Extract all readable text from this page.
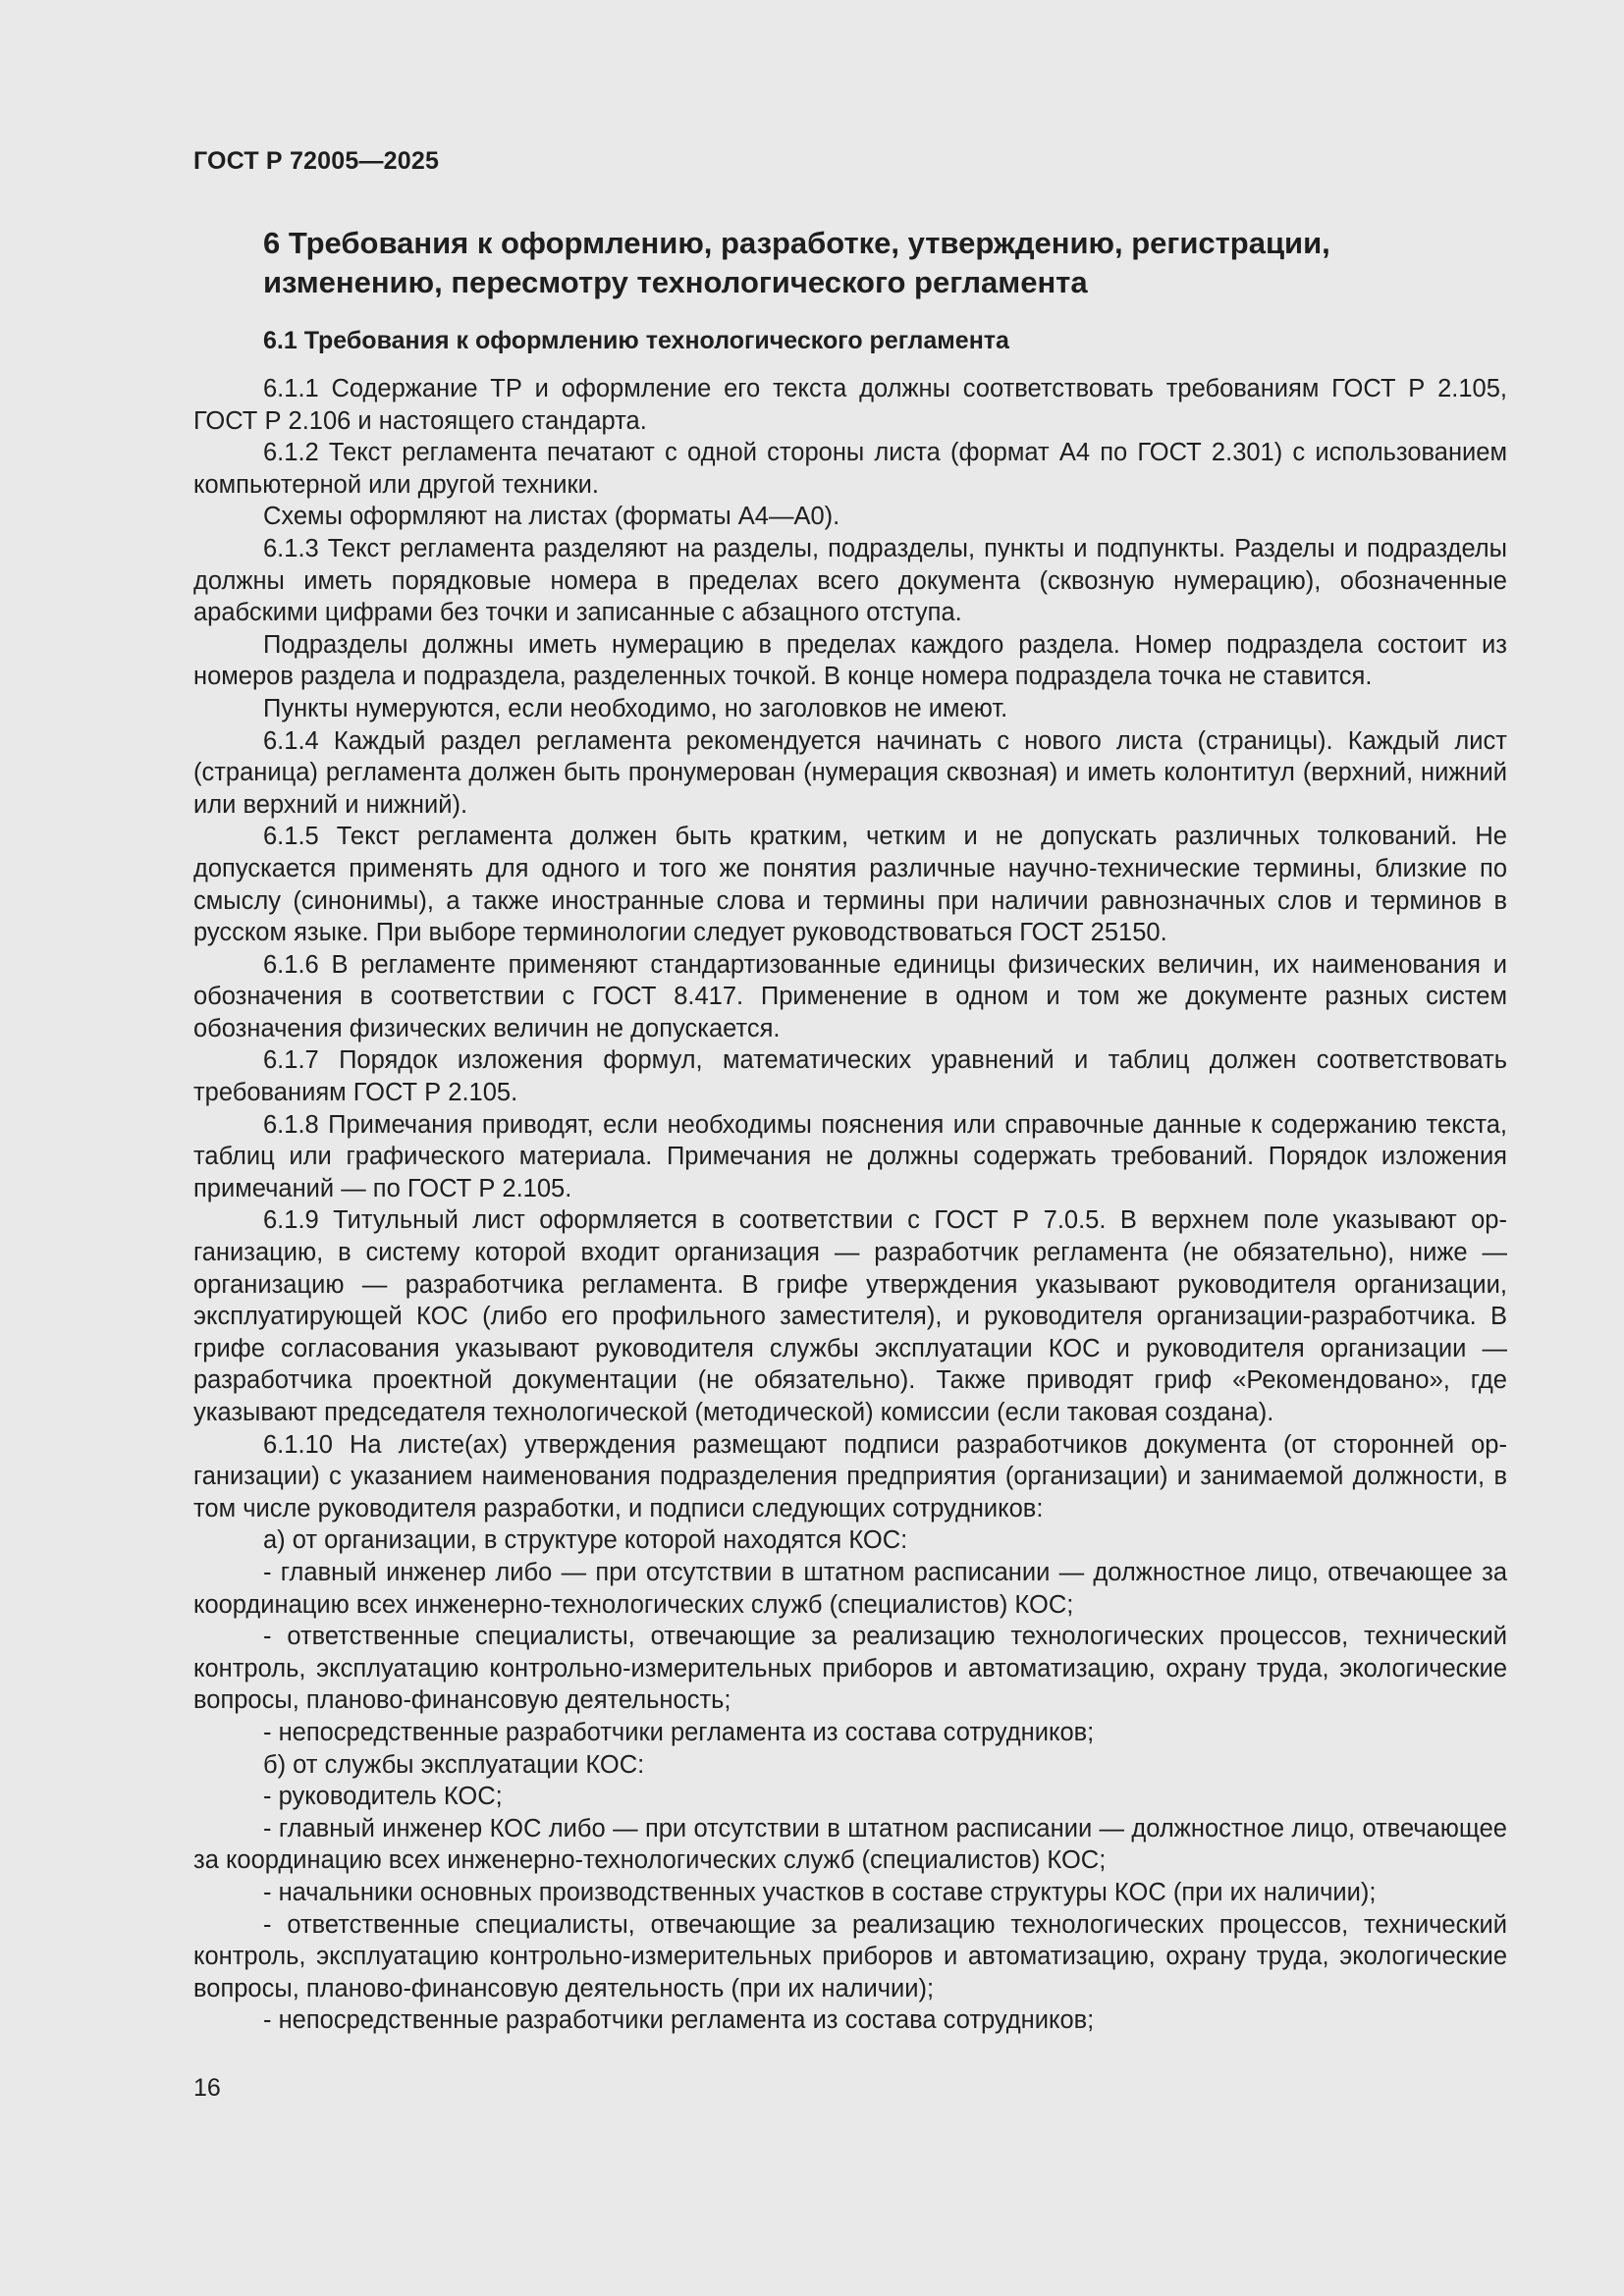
ГОСТ Р 72005—2025
6 Требования к оформлению, разработке, утверждению, регистрации, изменению, пересмотру технологического регламента
6.1 Требования к оформлению технологического регламента

6.1.1 Содержание ТР и оформление его текста должны соответствовать требованиям ГОСТ Р 2.105, ГОСТ Р 2.106 и настоящего стандарта.

6.1.2 Текст регламента печатают с одной стороны листа (формат А4 по ГОСТ 2.301) с использованием компьютерной или другой техники.

Схемы оформляют на листах (форматы А4—А0).

6.1.3 Текст регламента разделяют на разделы, подразделы, пункты и подпункты. Разделы и подразделы должны иметь порядковые номера в пределах всего документа (сквозную нумерацию), обозначенные арабскими цифрами без точки и записанные с абзацного отступа.

Подразделы должны иметь нумерацию в пределах каждого раздела. Номер подраздела состоит из номеров раздела и подраздела, разделенных точкой. В конце номера подраздела точка не ставится.

Пункты нумеруются, если необходимо, но заголовков не имеют.

6.1.4 Каждый раздел регламента рекомендуется начинать с нового листа (страницы). Каждый лист (страница) регламента должен быть пронумерован (нумерация сквозная) и иметь колонтитул (верхний, нижний или верхний и нижний).

6.1.5 Текст регламента должен быть кратким, четким и не допускать различных толкований. Не допускается применять для одного и того же понятия различные научно-технические термины, близкие по смыслу (синонимы), а также иностранные слова и термины при наличии равнозначных слов и терминов в русском языке. При выборе терминологии следует руководствоваться ГОСТ 25150.

6.1.6 В регламенте применяют стандартизованные единицы физических величин, их наименования и обозначения в соответствии с ГОСТ 8.417. Применение в одном и том же документе разных систем обозначения физических величин не допускается.

6.1.7 Порядок изложения формул, математических уравнений и таблиц должен соответствовать требованиям ГОСТ Р 2.105.

6.1.8 Примечания приводят, если необходимы пояснения или справочные данные к содержанию текста, таблиц или графического материала. Примечания не должны содержать требований. Порядок изложения примечаний — по ГОСТ Р 2.105.

6.1.9 Титульный лист оформляется в соответствии с ГОСТ Р 7.0.5. В верхнем поле указывают организацию, в систему которой входит организация — разработчик регламента (не обязательно), ниже — организацию — разработчика регламента. В грифе утверждения указывают руководителя организации, эксплуатирующей КОС (либо его профильного заместителя), и руководителя организации-разработчика. В грифе согласования указывают руководителя службы эксплуатации КОС и руководителя организации — разработчика проектной документации (не обязательно). Также приводят гриф «Рекомендовано», где указывают председателя технологической (методической) комиссии (если таковая создана).

6.1.10 На листе(ах) утверждения размещают подписи разработчиков документа (от сторонней организации) с указанием наименования подразделения предприятия (организации) и занимаемой должности, в том числе руководителя разработки, и подписи следующих сотрудников:

а) от организации, в структуре которой находятся КОС:

- главный инженер либо — при отсутствии в штатном расписании — должностное лицо, отвечающее за координацию всех инженерно-технологических служб (специалистов) КОС;

- ответственные специалисты, отвечающие за реализацию технологических процессов, технический контроль, эксплуатацию контрольно-измерительных приборов и автоматизацию, охрану труда, экологические вопросы, планово-финансовую деятельность;

- непосредственные разработчики регламента из состава сотрудников;

б) от службы эксплуатации КОС:

- руководитель КОС;

- главный инженер КОС либо — при отсутствии в штатном расписании — должностное лицо, отвечающее за координацию всех инженерно-технологических служб (специалистов) КОС;

- начальники основных производственных участков в составе структуры КОС (при их наличии);

- ответственные специалисты, отвечающие за реализацию технологических процессов, технический контроль, эксплуатацию контрольно-измерительных приборов и автоматизацию, охрану труда, экологические вопросы, планово-финансовую деятельность (при их наличии);

- непосредственные разработчики регламента из состава сотрудников;

16
